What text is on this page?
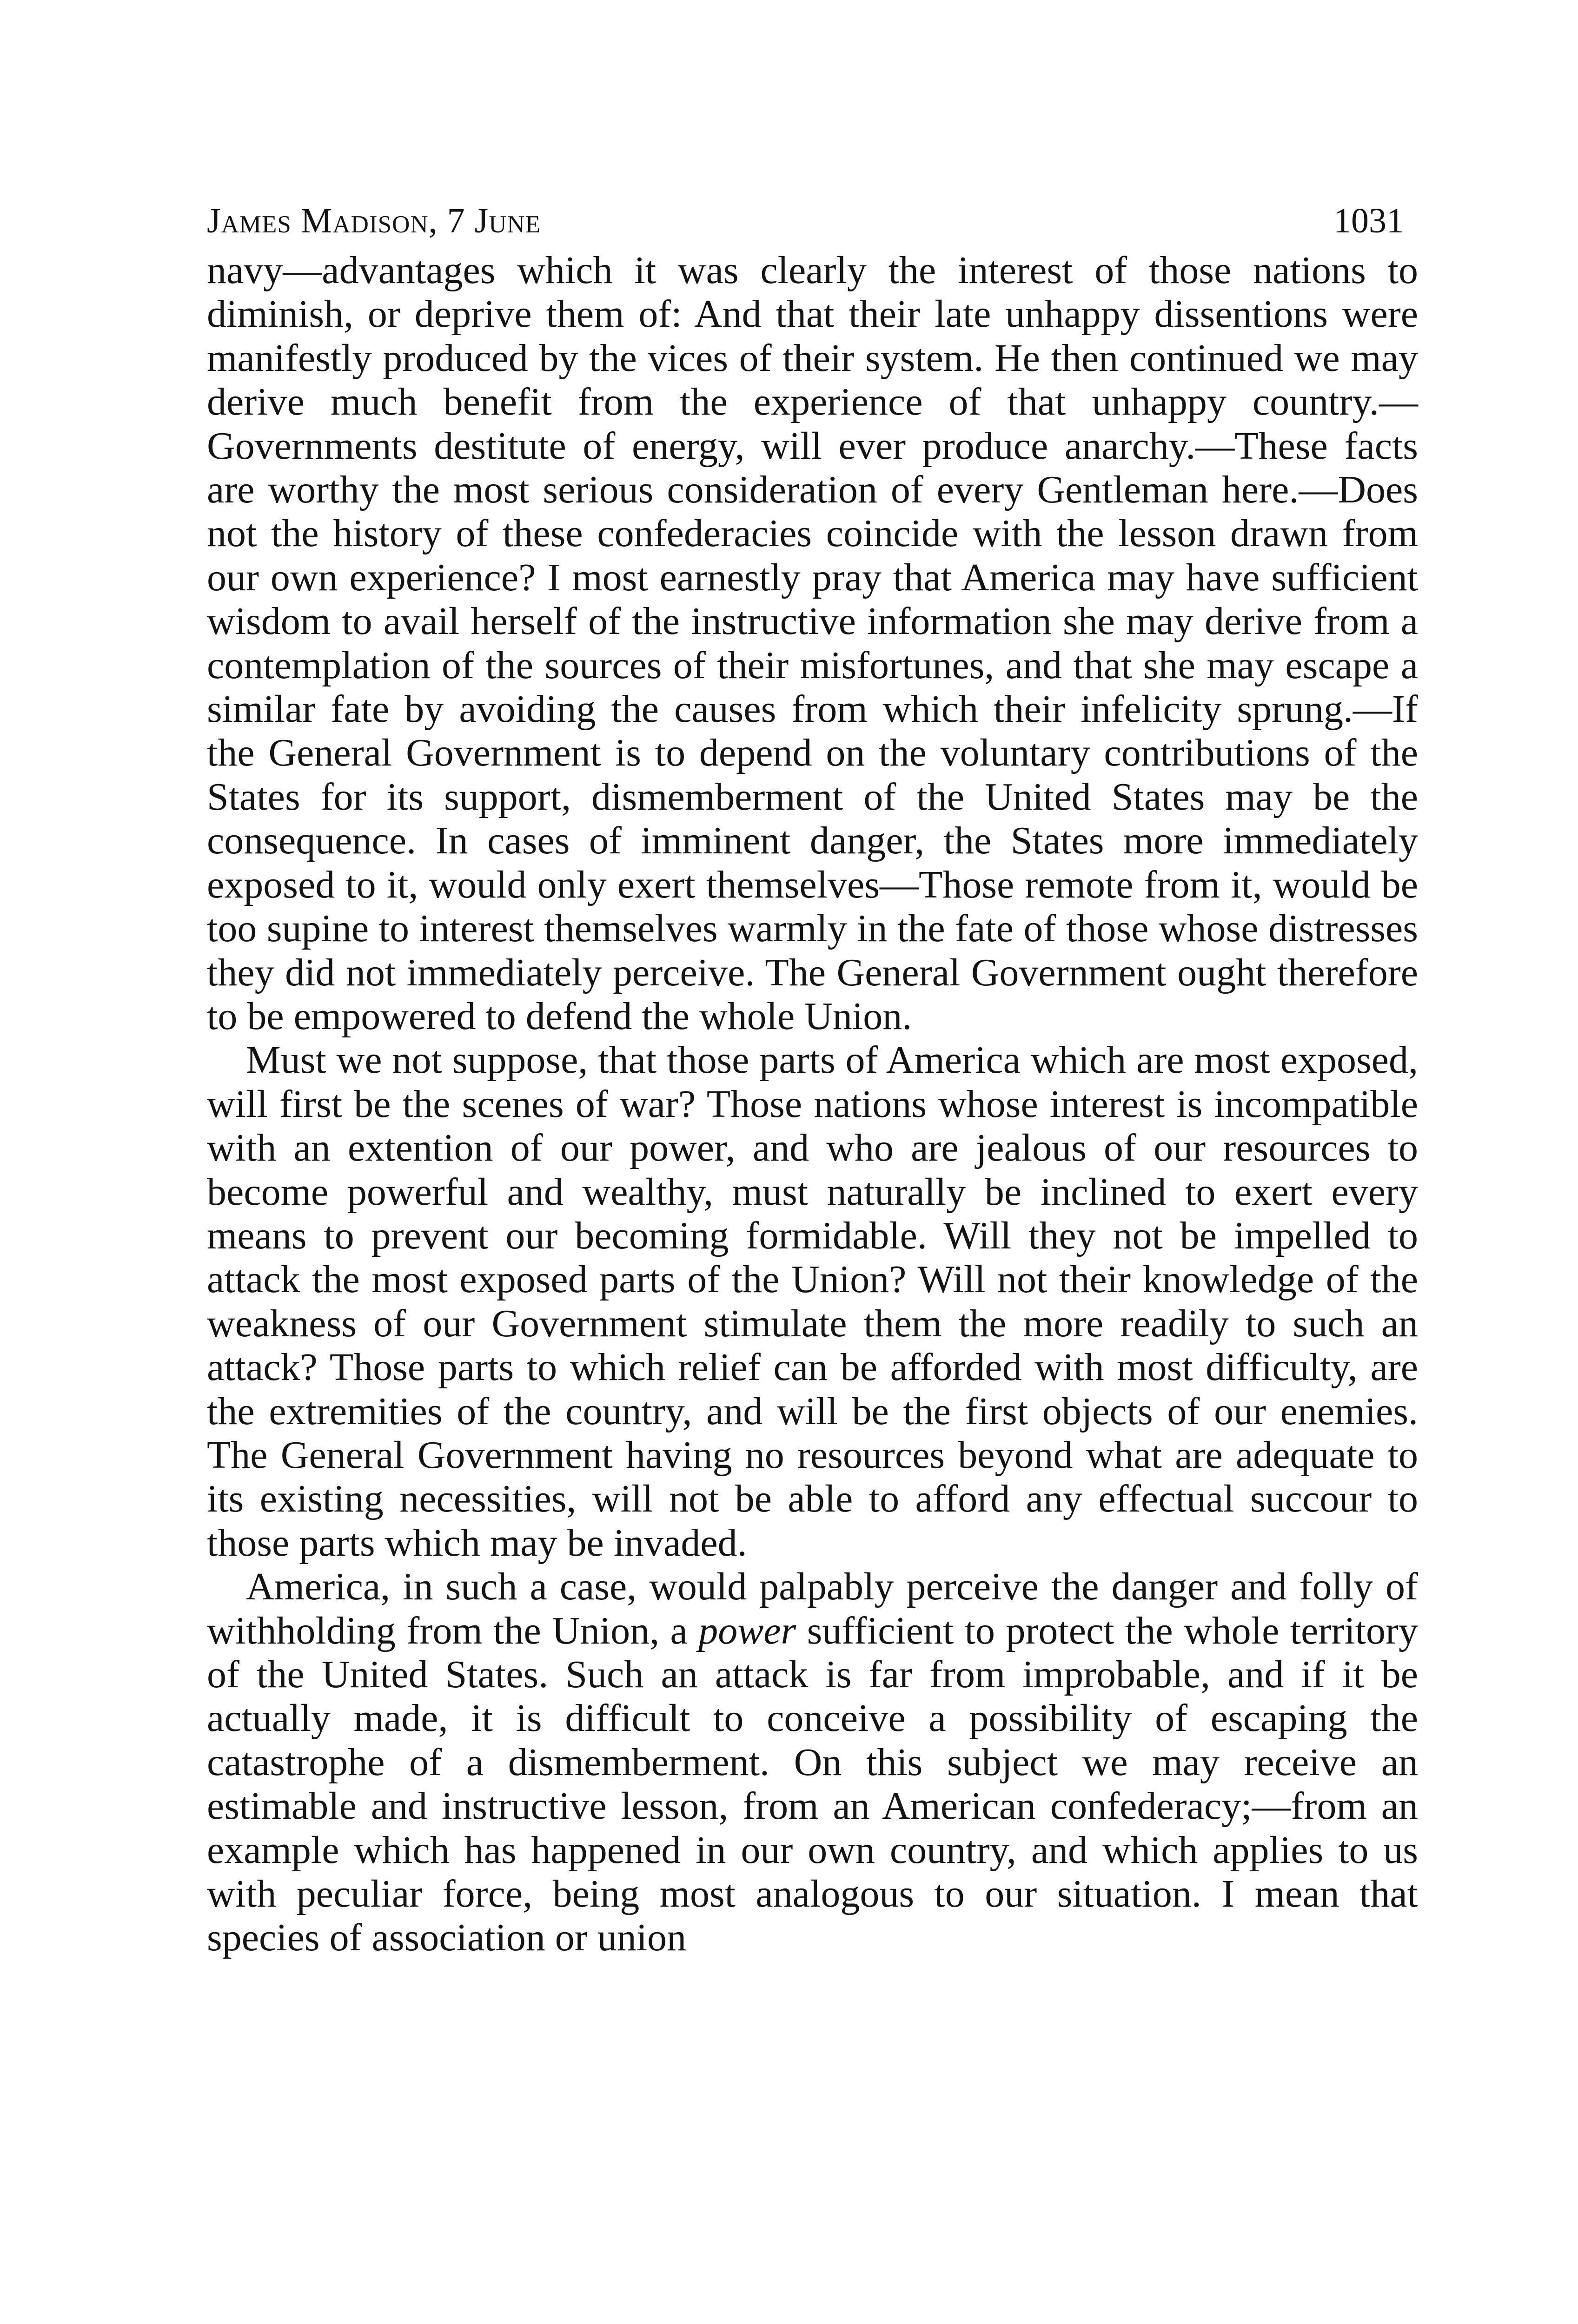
James Madison, 7 June	1031

navy—advantages which it was clearly the interest of those nations to diminish, or deprive them of: And that their late unhappy dissentions were manifestly produced by the vices of their system. He then continued we may derive much benefit from the experience of that unhappy country.—Governments destitute of energy, will ever produce anarchy.—These facts are worthy the most serious consideration of every Gentleman here.—Does not the history of these confederacies coincide with the lesson drawn from our own experience? I most earnestly pray that America may have sufficient wisdom to avail herself of the instructive information she may derive from a contemplation of the sources of their misfortunes, and that she may escape a similar fate by avoiding the causes from which their infelicity sprung.—If the General Government is to depend on the voluntary contributions of the States for its support, dismemberment of the United States may be the consequence. In cases of imminent danger, the States more immediately exposed to it, would only exert themselves—Those remote from it, would be too supine to interest themselves warmly in the fate of those whose distresses they did not immediately perceive. The General Government ought therefore to be empowered to defend the whole Union.

Must we not suppose, that those parts of America which are most exposed, will first be the scenes of war? Those nations whose interest is incompatible with an extention of our power, and who are jealous of our resources to become powerful and wealthy, must naturally be inclined to exert every means to prevent our becoming formidable. Will they not be impelled to attack the most exposed parts of the Union? Will not their knowledge of the weakness of our Government stimulate them the more readily to such an attack? Those parts to which relief can be afforded with most difficulty, are the extremities of the country, and will be the first objects of our enemies. The General Government having no resources beyond what are adequate to its existing necessities, will not be able to afford any effectual succour to those parts which may be invaded.

America, in such a case, would palpably perceive the danger and folly of withholding from the Union, a power sufficient to protect the whole territory of the United States. Such an attack is far from improbable, and if it be actually made, it is difficult to conceive a possibility of escaping the catastrophe of a dismemberment. On this subject we may receive an estimable and instructive lesson, from an American confederacy;—from an example which has happened in our own country, and which applies to us with peculiar force, being most analogous to our situation. I mean that species of association or union
